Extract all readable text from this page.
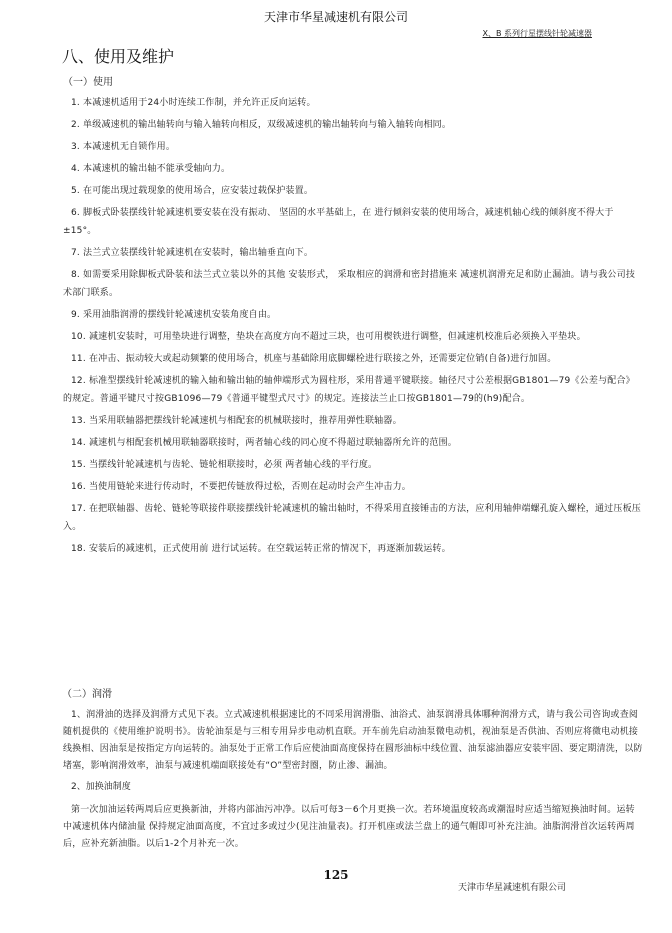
天津市华星减速机有限公司
X、B 系列行星摆线针轮减速器
八、使用及维护
（一）使用

1. 本减速机适用于24小时连续工作制，并允许正反向运转。

2. 单级减速机的输出轴转向与输入轴转向相反，双级减速机的输出轴转向与输入轴转向相同。

3. 本减速机无自锁作用。

4. 本减速机的输出轴不能承受轴向力。

5. 在可能出现过载现象的使用场合，应安装过载保护装置。

6. 脚板式卧装摆线针轮减速机要安装在没有振动、 坚固的水平基础上，在 进行倾斜安装的使用场合，减速机轴心线的倾斜度不得大于±15°。

7. 法兰式立装摆线针轮减速机在安装时，输出轴垂直向下。

8. 如需要采用除脚板式卧装和法兰式立装以外的其他 安装形式， 采取相应的润滑和密封措施来 减速机润滑充足和防止漏油。请与我公司技术部门联系。

9. 采用油脂润滑的摆线针轮减速机安装角度自由。

10. 减速机安装时，可用垫块进行调整，垫块在高度方向不超过三块，也可用楔铁进行调整，但减速机校准后必须换入平垫块。

11. 在冲击、振动较大或起动频繁的使用场合，机座与基础除用底脚螺栓进行联接之外，还需要定位销(自备)进行加固。

12. 标准型摆线针轮减速机的输入轴和输出轴的轴伸端形式为圆柱形，采用普通平键联接。轴径尺寸公差根据GB1801—79《公差与配合》的规定。普通平键尺寸按GB1096—79《普通平键型式尺寸》的规定。连接法兰止口按GB1801—79的(h9)配合。

13. 当采用联轴器把摆线针轮减速机与相配套的机械联接时，推荐用弹性联轴器。

14. 减速机与相配套机械用联轴器联接时，两者轴心线的同心度不得超过联轴器所允许的范围。

15. 当摆线针轮减速机与齿轮、链轮相联接时，必须 两者轴心线的平行度。

16. 当使用链轮来进行传动时，不要把传链放得过松，否则在起动时会产生冲击力。

17. 在把联轴器、齿轮、链轮等联接件联接摆线针轮减速机的输出轴时，不得采用直接锤击的方法，应利用轴伸端螺孔旋入螺栓，通过压板压入。

18. 安装后的减速机，正式使用前 进行试运转。在空载运转正常的情况下，再逐渐加载运转。

（二）润滑

1、润滑油的选择及润滑方式见下表。立式减速机根据速比的不同采用润滑脂、油浴式、油泵润滑具体哪种润滑方式，请与我公司咨询或查阅随机提供的《使用维护说明书》。齿轮油泵是与三相专用异步电动机直联。开车前先启动油泵微电动机，视油泵是否供油、否则应将微电动机接线换相、因油泵是按指定方向运转的。油泵处于正常工作后应使油面高度保持在圆形油标中线位置、油泵滤油器应安装牢固、要定期清洗，以防堵塞，影响润滑效率，油泵与减速机端面联接处有“O”型密封圈，防止渗、漏油。

2、加换油制度

第一次加油运转两周后应更换新油，并将内部油污冲净。以后可每3－6个月更换一次。若环境温度较高或潮湿时应适当缩短换油时间。运转中减速机体内储油量 保持规定油面高度，不宜过多或过少(见注油量表)。打开机座或法兰盘上的通气帽即可补充注油。油脂润滑首次运转两周后，应补充新油脂。以后1-2个月补充一次。

125
天津市华星减速机有限公司
